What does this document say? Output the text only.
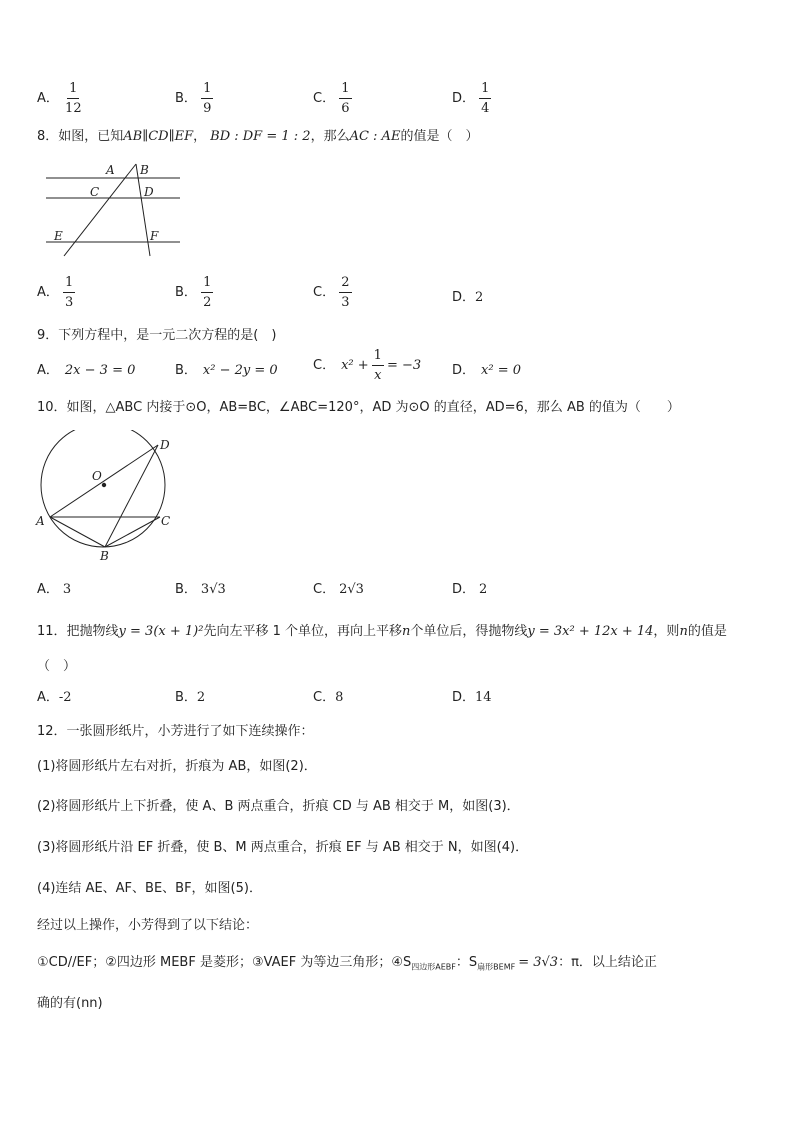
A． $\frac{1}{12}$	B． $\frac{1}{9}$	C． $\frac{1}{6}$	D． $\frac{1}{4}$
8．如图，已知AB∥CD∥EF， BD : DF = 1 : 2，那么AC : AE的值是（　）
A B
C	D
E	F
A． $\frac{1}{3}$	B． $\frac{1}{2}$	C． $\frac{2}{3}$	D．2
9．下列方程中，是一元二次方程的是(　)
A． 2x − 3 = 0	B． x² − 2y = 0	C． $x^2 + \frac{1}{x} = -3$ D． x² = 0
10．如图，△ABC 内接于⊙O，AB=BC，∠ABC=120°，AD 为⊙O 的直径，AD=6，那么 AB 的值为（　　）
O
D
A	C
B
A． 3	B． 3√3	C． 2√3	D． 2
11．把抛物线y = 3(x + 1)²先向左平移 1 个单位，再向上平移n个单位后，得抛物线y = 3x² + 12x + 14，则n的值是
（　）
A．-2	B．2	C．8	D．14
12．一张圆形纸片，小芳进行了如下连续操作：
(1)将圆形纸片左右对折，折痕为 AB，如图(2)．
(2)将圆形纸片上下折叠，使 A、B 两点重合，折痕 CD 与 AB 相交于 M，如图(3)．
(3)将圆形纸片沿 EF 折叠，使 B、M 两点重合，折痕 EF 与 AB 相交于 N，如图(4)．
(4)连结 AE、AF、BE、BF，如图(5)．
经过以上操作，小芳得到了以下结论：
①CD//EF；②四边形 MEBF 是菱形；③VAEF 为等边三角形；$④S_{四边形AEBF}$：$S_{扇形BEMF} = 3√3$：π．以上结论正
确的有(nn)
